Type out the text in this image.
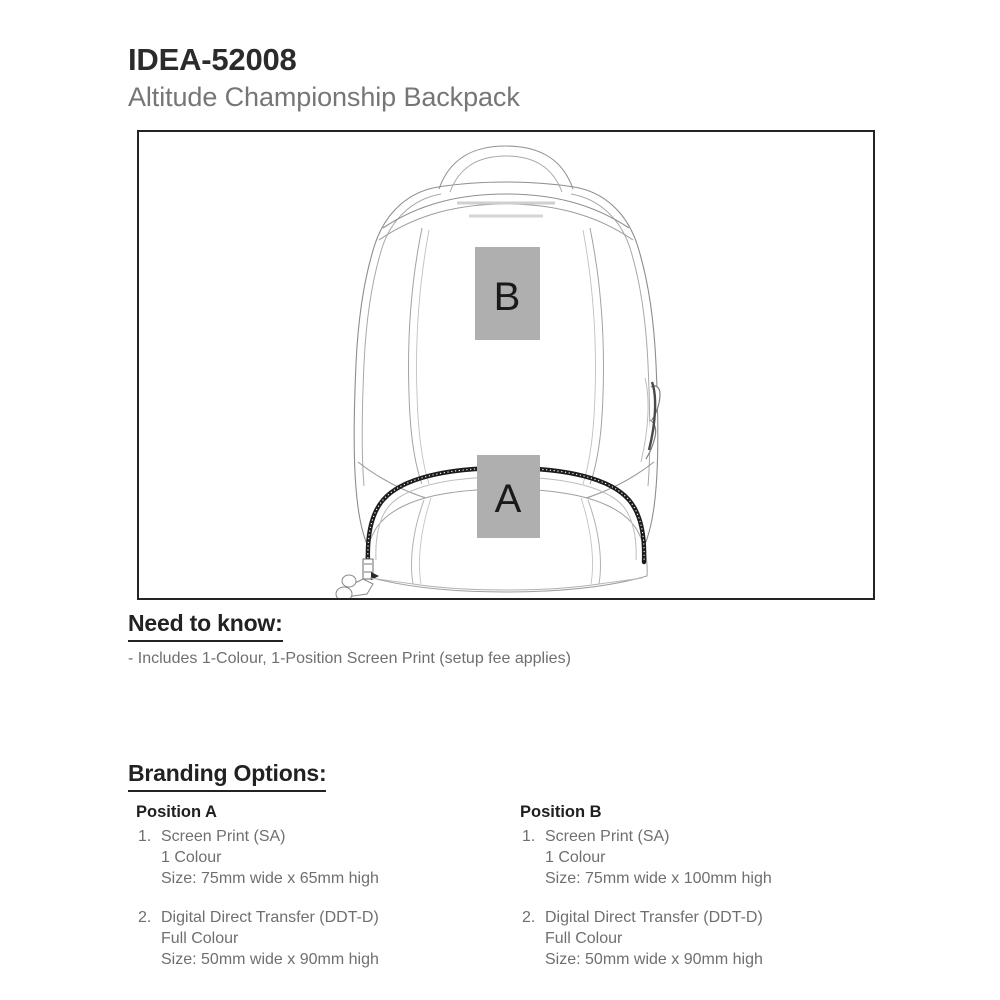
IDEA-52008
Altitude Championship Backpack
B
A
Need to know:
- Includes 1-Colour, 1-Position Screen Print (setup fee applies)
Branding Options:
Position A
1. Screen Print (SA)
1 Colour
Size: 75mm wide x 65mm high
2. Digital Direct Transfer (DDT-D)
Full Colour
Size: 50mm wide x 90mm high
Position B
1. Screen Print (SA)
1 Colour
Size: 75mm wide x 100mm high
2. Digital Direct Transfer (DDT-D)
Full Colour
Size: 50mm wide x 90mm high
